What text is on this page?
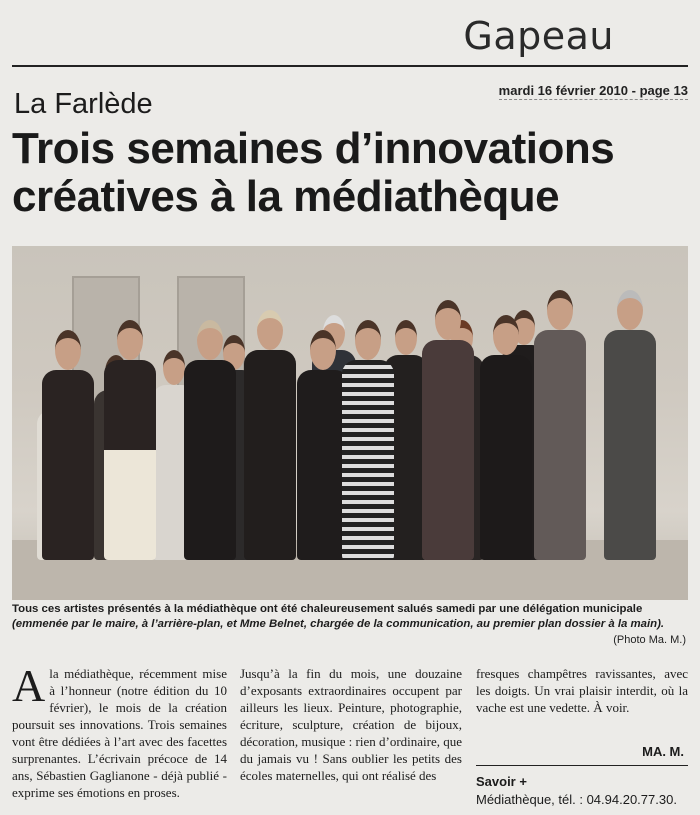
Gapeau
mardi 16 février 2010 - page 13
La Farlède
Trois semaines d’innovations
créatives à la médiathèque
Tous ces artistes présentés à la médiathèque ont été chaleureusement salués samedi par une délégation municipale
(emmenée par le maire, à l’arrière-plan, et Mme Belnet, chargée de la communication, au premier plan dossier à la main).
(Photo Ma. M.)
A la médiathèque, récemment mise à l’honneur (notre édition du 10 février), le mois de la création poursuit ses innovations. Trois semaines vont être dédiées à l’art avec des facettes surprenantes. L’écrivain précoce de 14 ans, Sébastien Gaglianone - déjà publié - exprime ses émotions en proses.
Jusqu’à la fin du mois, une douzaine d’exposants extraordinaires occupent par ailleurs les lieux. Peinture, photographie, écriture, sculpture, création de bijoux, décoration, musique : rien d’ordinaire, que du jamais vu ! Sans oublier les petits des écoles maternelles, qui ont réalisé des
fresques champêtres ravissantes, avec les doigts. Un vrai plaisir interdit, où la vache est une vedette. À voir.
MA. M.
Savoir +
Médiathèque, tél. : 04.94.20.77.30.
